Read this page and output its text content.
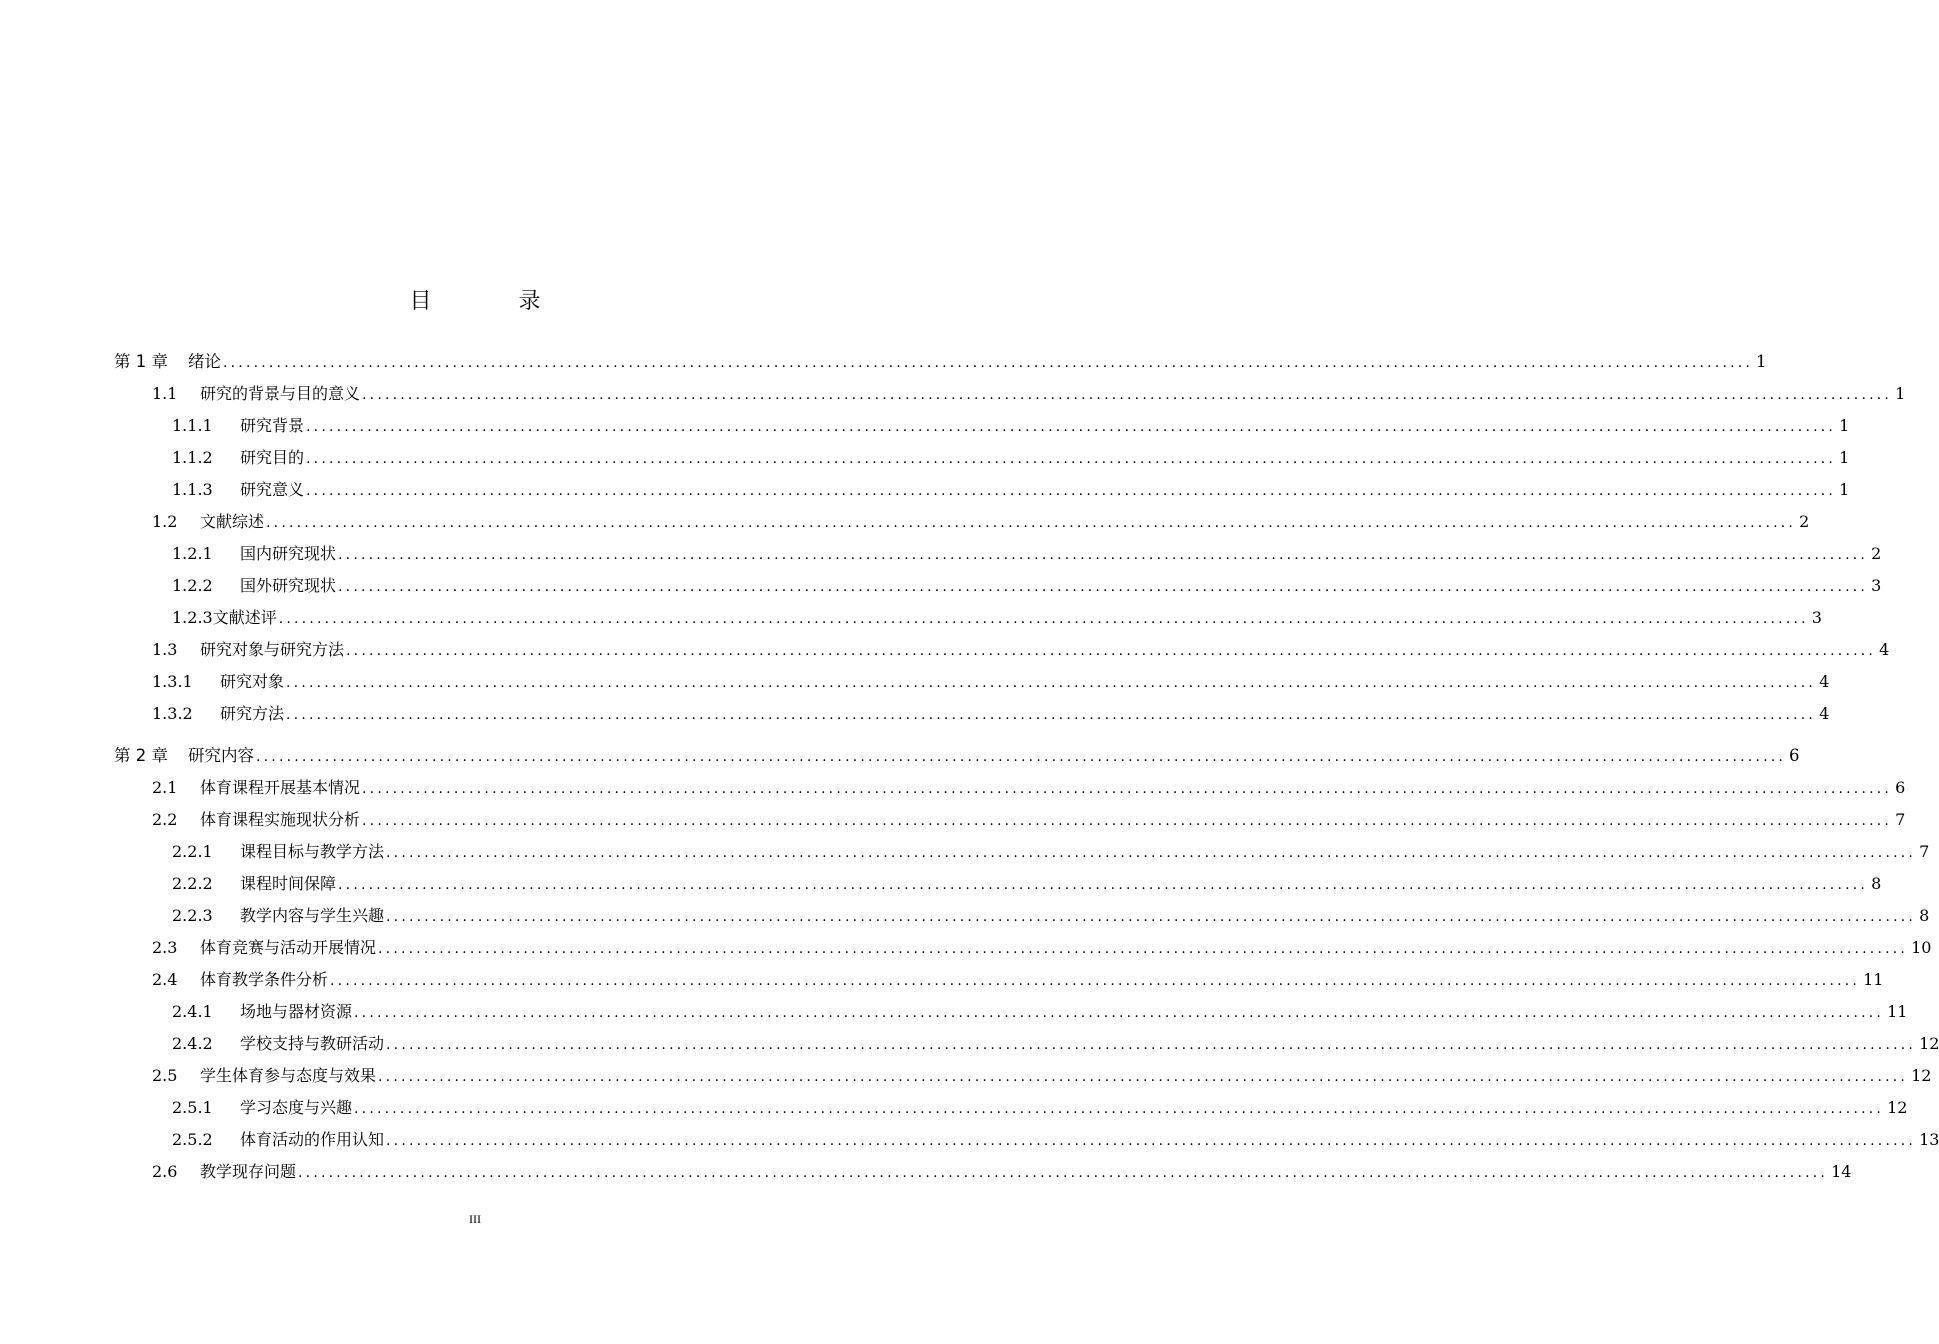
目 录
第 1 章	绪论 ........................................................................................................................................................................................................ 1
1.1	研究的背景与目的意义 ........................................................................................................................................................................................................ 1
1.1.1	研究背景 ........................................................................................................................................................................................................ 1
1.1.2	研究目的 ........................................................................................................................................................................................................ 1
1.1.3	研究意义 ........................................................................................................................................................................................................ 1
1.2	文献综述 ........................................................................................................................................................................................................ 2
1.2.1	国内研究现状 ........................................................................................................................................................................................................ 2
1.2.2	国外研究现状 ........................................................................................................................................................................................................ 3
1.2.3 文献述评 ........................................................................................................................................................................................................ 3
1.3	研究对象与研究方法 ........................................................................................................................................................................................................ 4
1.3.1	研究对象 ........................................................................................................................................................................................................ 4
1.3.2	研究方法 ........................................................................................................................................................................................................ 4
第 2 章	研究内容 ........................................................................................................................................................................................................ 6
2.1	体育课程开展基本情况 ........................................................................................................................................................................................................ 6
2.2	体育课程实施现状分析 ........................................................................................................................................................................................................ 7
2.2.1	课程目标与教学方法 ........................................................................................................................................................................................................ 7
2.2.2	课程时间保障 ........................................................................................................................................................................................................ 8
2.2.3	教学内容与学生兴趣 ........................................................................................................................................................................................................ 8
2.3	体育竞赛与活动开展情况 ........................................................................................................................................................................................................ 10
2.4	体育教学条件分析 ........................................................................................................................................................................................................ 11
2.4.1	场地与器材资源 ........................................................................................................................................................................................................ 11
2.4.2	学校支持与教研活动 ........................................................................................................................................................................................................ 12
2.5	学生体育参与态度与效果 ........................................................................................................................................................................................................ 12
2.5.1	学习态度与兴趣 ........................................................................................................................................................................................................ 12
2.5.2	体育活动的作用认知 ........................................................................................................................................................................................................ 13
2.6	教学现存问题 ........................................................................................................................................................................................................ 14
III
